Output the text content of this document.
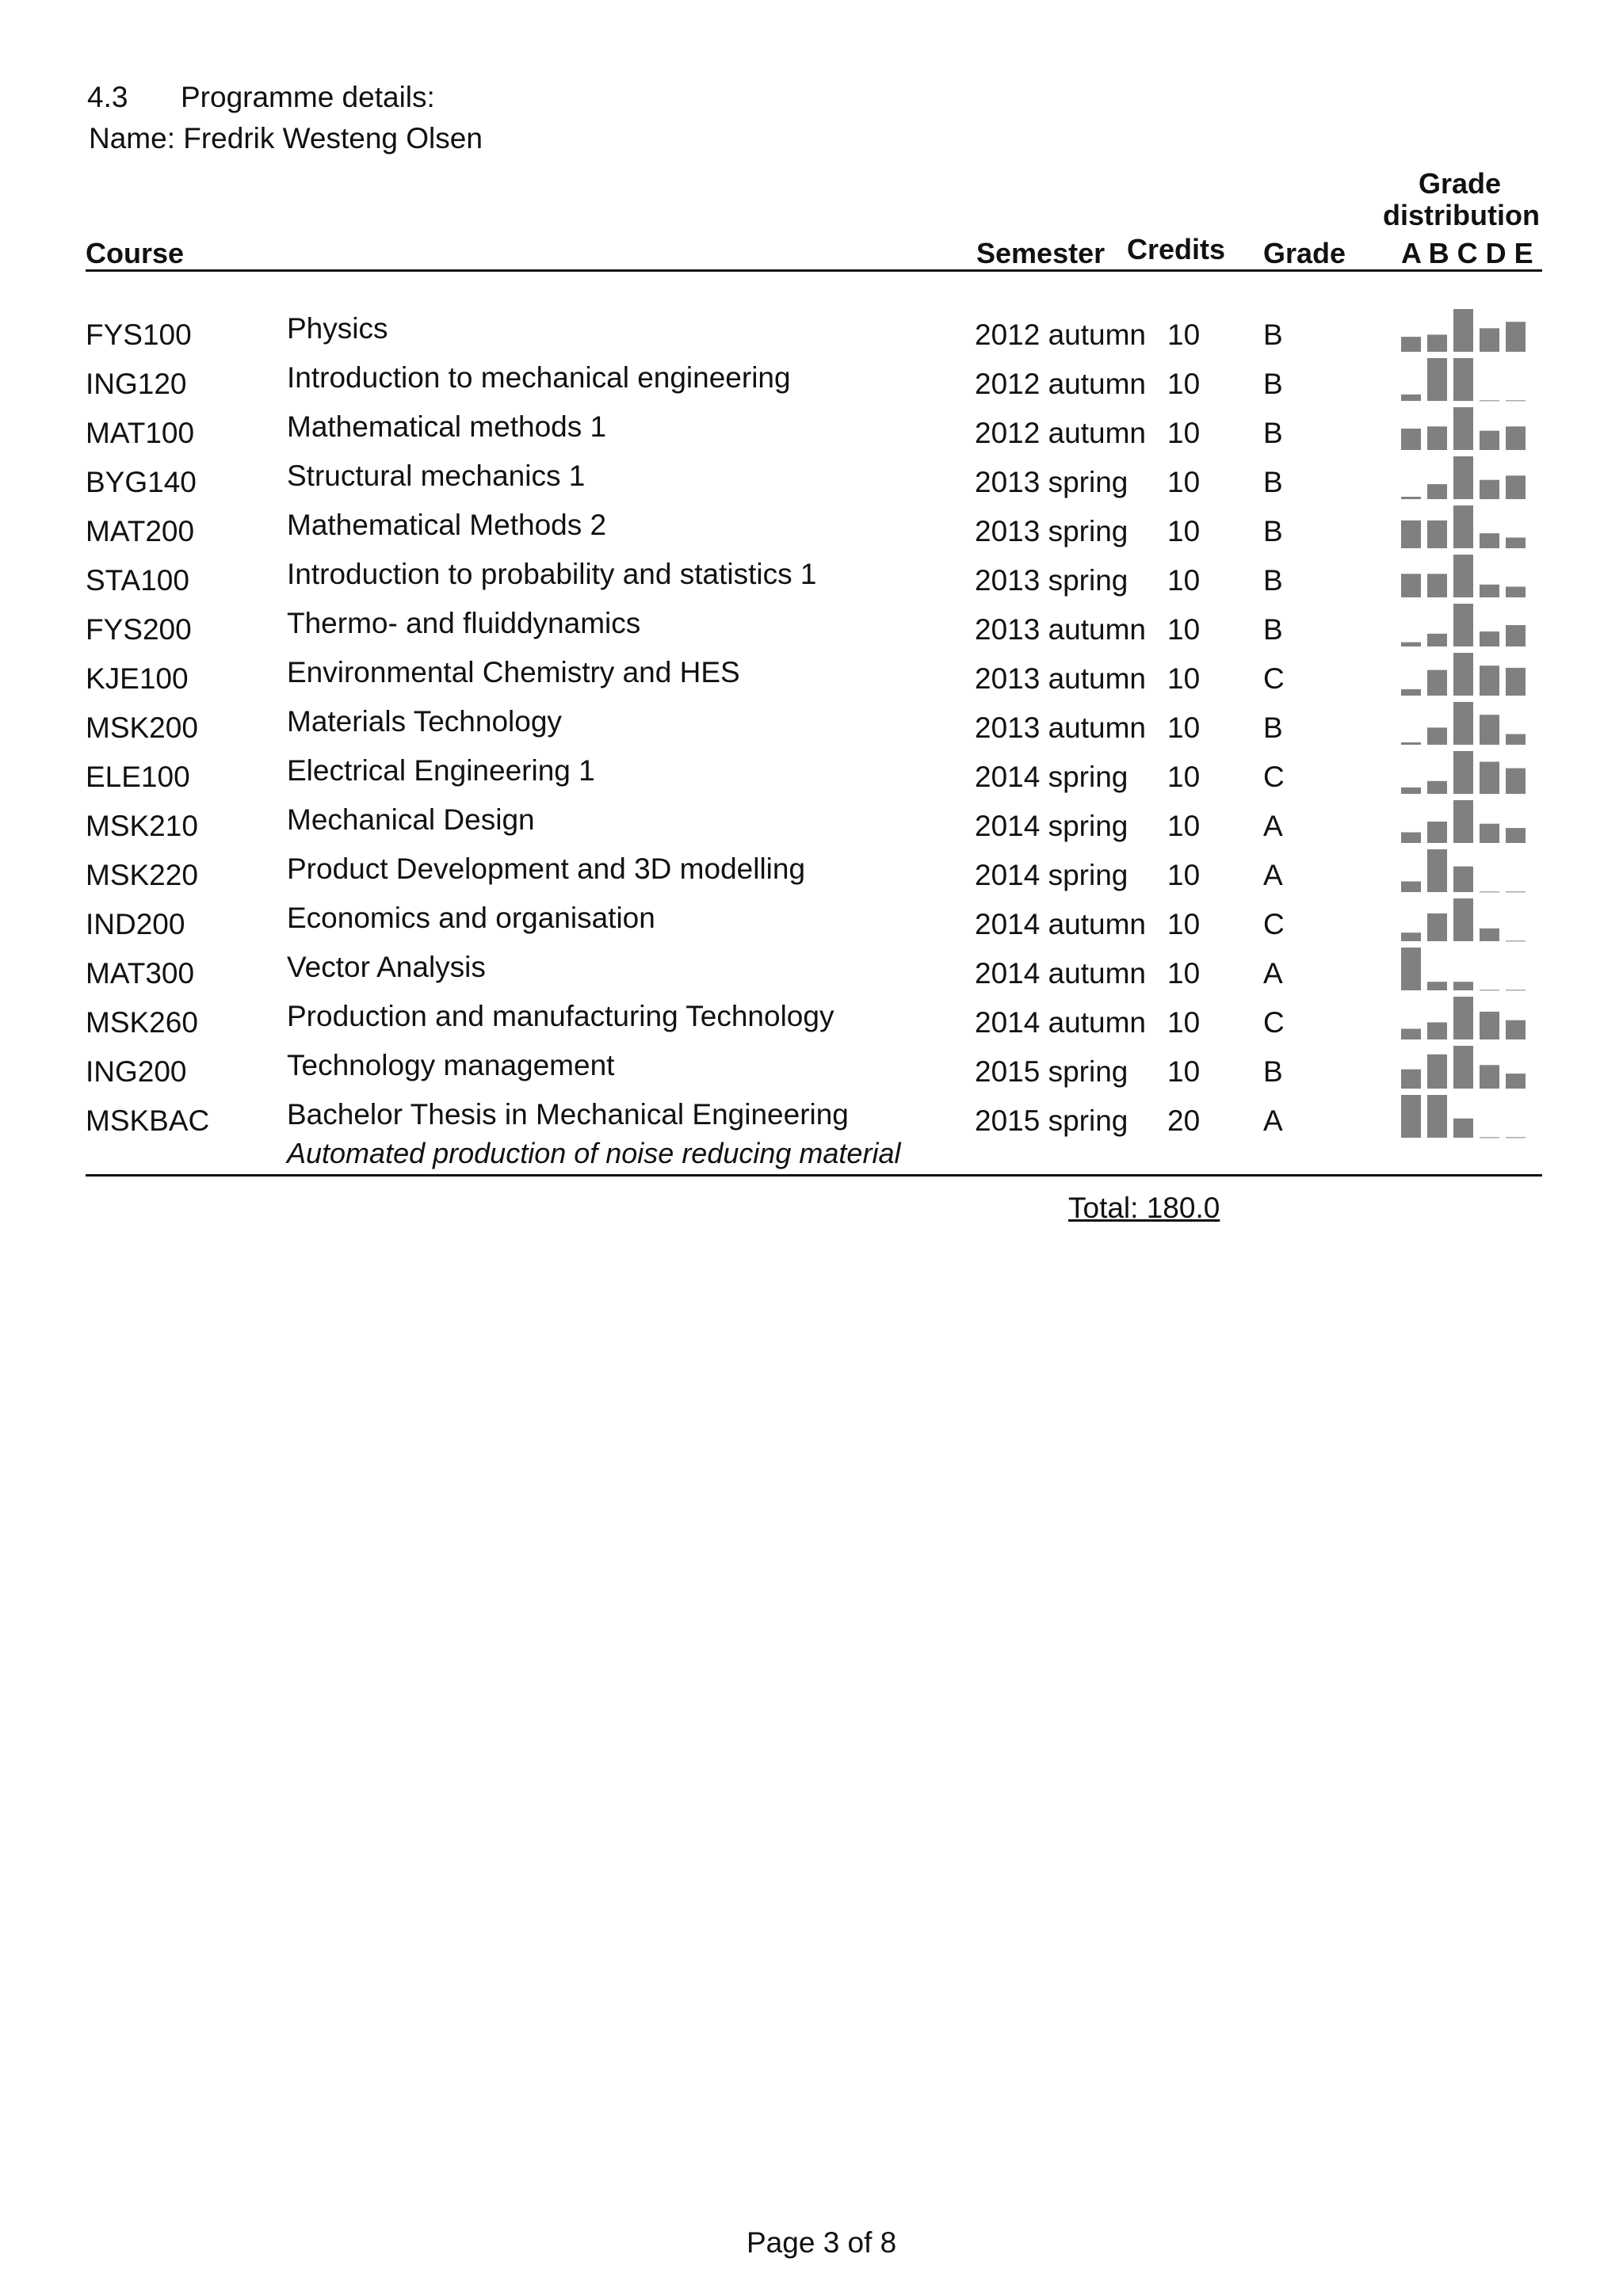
4.3 Programme details:
Name: Fredrik Westeng Olsen
Course	Semester Credits Grade
Grade
distribution
A B C D E
FYS100	Physics	2012 autumn 10 B
ING120	Introduction to mechanical engineering	2012 autumn 10 B
MAT100	Mathematical methods 1	2012 autumn 10 B
BYG140	Structural mechanics 1	2013 spring 10 B
MAT200	Mathematical Methods 2	2013 spring 10 B
STA100	Introduction to probability and statistics 1	2013 spring 10 B
FYS200	Thermo- and fluiddynamics	2013 autumn 10 B
KJE100	Environmental Chemistry and HES	2013 autumn 10 C
MSK200	Materials Technology	2013 autumn 10 B
ELE100	Electrical Engineering 1	2014 spring 10 C
MSK210	Mechanical Design	2014 spring 10 A
MSK220	Product Development and 3D modelling	2014 spring 10 A
IND200	Economics and organisation	2014 autumn 10 C
MAT300	Vector Analysis	2014 autumn 10 A
MSK260	Production and manufacturing Technology	2014 autumn 10 C
ING200	Technology management	2015 spring 10 B
MSKBAC	Bachelor Thesis in Mechanical Engineering	2015 spring 20 A
Automated production of noise reducing material
Total: 180.0
Page 3 of 8
